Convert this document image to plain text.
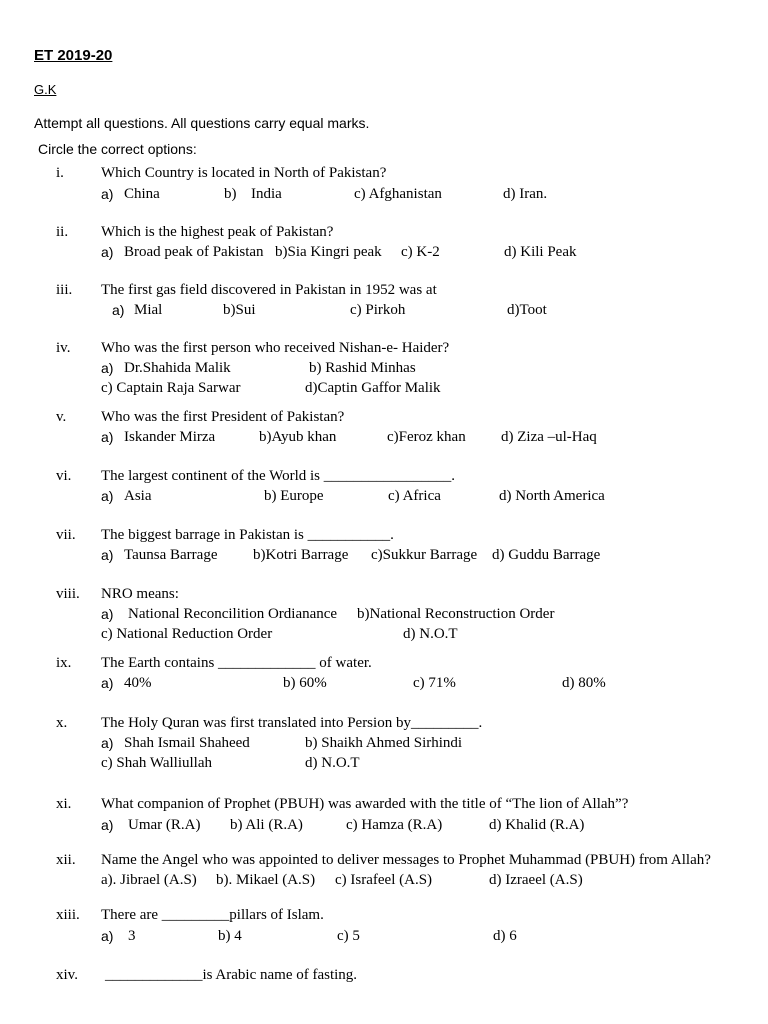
ET 2019-20
G.K
Attempt all questions. All questions carry equal marks.
Circle the correct options:
i. Which Country is located in North of Pakistan?
a) China	b) India	c) Afghanistan	d) Iran.
ii. Which is the highest peak of Pakistan?
a) Broad peak of Pakistan b)Sia Kingri peak c) K-2	d) Kili Peak
iii. The first gas field discovered in Pakistan in 1952 was at
a) Mial	b)Sui	c) Pirkoh	d)Toot
iv. Who was the first person who received Nishan-e- Haider?
a) Dr.Shahida Malik	b) Rashid Minhas
c) Captain Raja Sarwar	d)Captin Gaffor Malik
v. Who was the first President of Pakistan?
a) Iskander Mirza	b)Ayub khan	c)Feroz khan d) Ziza –ul-Haq
vi. The largest continent of the World is _________________.
a) Asia	b) Europe	c) Africa	d) North America
vii. The biggest barrage in Pakistan is ___________.
a) Taunsa Barrage b)Kotri Barrage c)Sukkur Barrage d) Guddu Barrage
viii. NRO means:
a) National Reconcilition Ordianance b)National Reconstruction Order
c) National Reduction Order	d) N.O.T
ix. The Earth contains _____________ of water.
a) 40%	b) 60%	c) 71%	d) 80%
x. The Holy Quran was first translated into Persion by_________.
a) Shah Ismail Shaheed	b) Shaikh Ahmed Sirhindi
c) Shah Walliullah	d) N.O.T
xi. What companion of Prophet (PBUH) was awarded with the title of “The lion of Allah”?
a) Umar (R.A) b) Ali (R.A)	c) Hamza (R.A)	d) Khalid (R.A)
xii. Name the Angel who was appointed to deliver messages to Prophet Muhammad (PBUH) from Allah?
a). Jibrael (A.S) b). Mikael (A.S) c) Israfeel (A.S)	d) Izraeel (A.S)
xiii. There are _________pillars of Islam.
a) 3	b) 4	c) 5	d) 6
xiv. _____________is Arabic name of fasting.
